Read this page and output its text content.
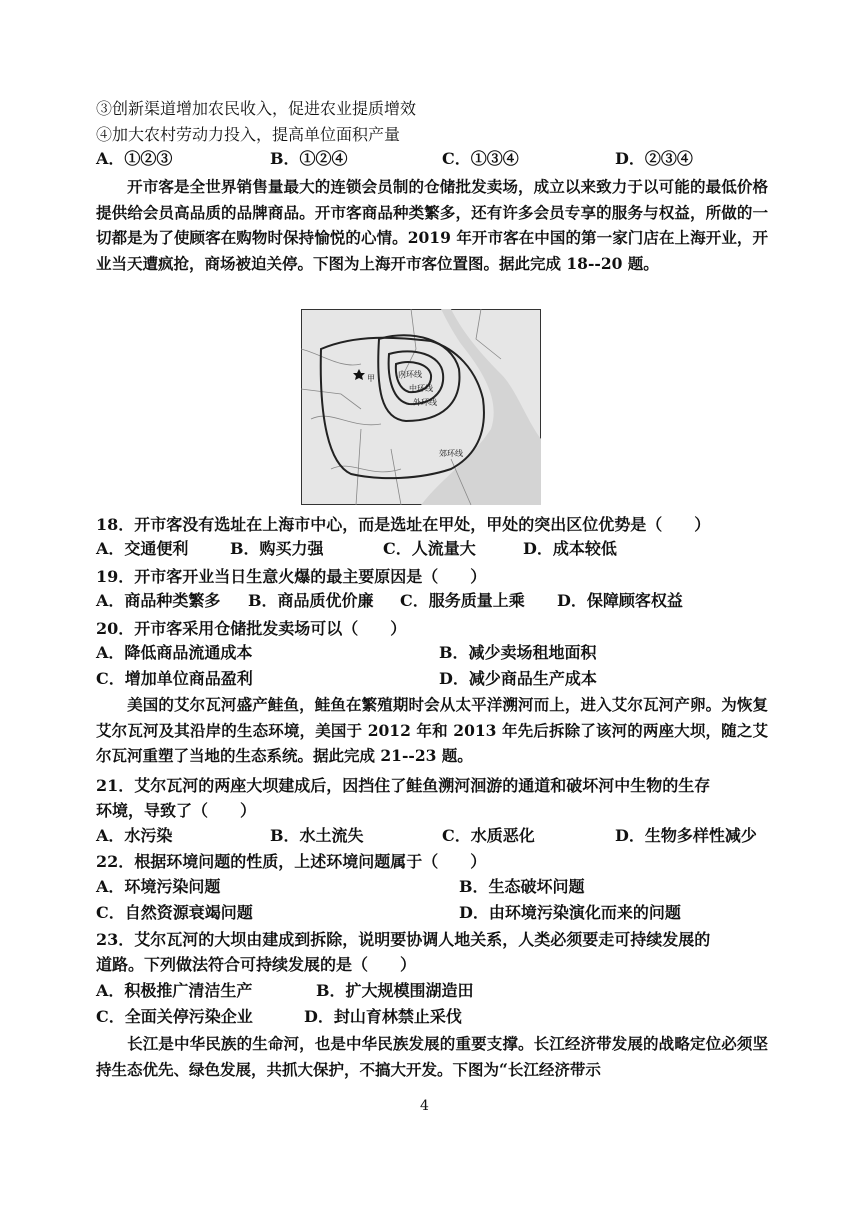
③创新渠道增加农民收入，促进农业提质增效
④加大农村劳动力投入，提高单位面积产量
A．①②③	B．①②④	C．①③④	D．②③④
开市客是全世界销售量最大的连锁会员制的仓储批发卖场，成立以来致力于以可能的最低价格提供给会员高品质的品牌商品。开市客商品种类繁多，还有许多会员专享的服务与权益，所做的一切都是为了使顾客在购物时保持愉悦的心情。2019 年开市客在中国的第一家门店在上海开业，开业当天遭疯抢，商场被迫关停。下图为上海开市客位置图。据此完成 18--20 题。
甲	内环线
中环线
外环线
郊环线
18．开市客没有选址在上海市中心，而是选址在甲处，甲处的突出区位优势是（　　）
A．交通便利	B．购买力强	C．人流量大	D．成本较低
19．开市客开业当日生意火爆的最主要原因是（　　）
A．商品种类繁多 B．商品质优价廉 C．服务质量上乘 D．保障顾客权益
20．开市客采用仓储批发卖场可以（　　）
A．降低商品流通成本	B．减少卖场租地面积
C．增加单位商品盈利	D．减少商品生产成本
美国的艾尔瓦河盛产鲑鱼，鲑鱼在繁殖期时会从太平洋溯河而上，进入艾尔瓦河产卵。为恢复艾尔瓦河及其沿岸的生态环境，美国于 2012 年和 2013 年先后拆除了该河的两座大坝，随之艾尔瓦河重塑了当地的生态系统。据此完成 21--23 题。
21．艾尔瓦河的两座大坝建成后，因挡住了鲑鱼溯河洄游的通道和破坏河中生物的生存
环境，导致了（　　）
A．水污染	B．水土流失	C．水质恶化	D．生物多样性减少
22．根据环境问题的性质，上述环境问题属于（　　）
A．环境污染问题	B．生态破坏问题
C．自然资源衰竭问题	D．由环境污染演化而来的问题
23．艾尔瓦河的大坝由建成到拆除，说明要协调人地关系，人类必须要走可持续发展的
道路。下列做法符合可持续发展的是（　　）
A．积极推广清洁生产	B．扩大规模围湖造田
C．全面关停污染企业	D．封山育林禁止采伐
长江是中华民族的生命河，也是中华民族发展的重要支撑。长江经济带发展的战略定位必须坚持生态优先、绿色发展，共抓大保护，不搞大开发。下图为“长江经济带示
4
